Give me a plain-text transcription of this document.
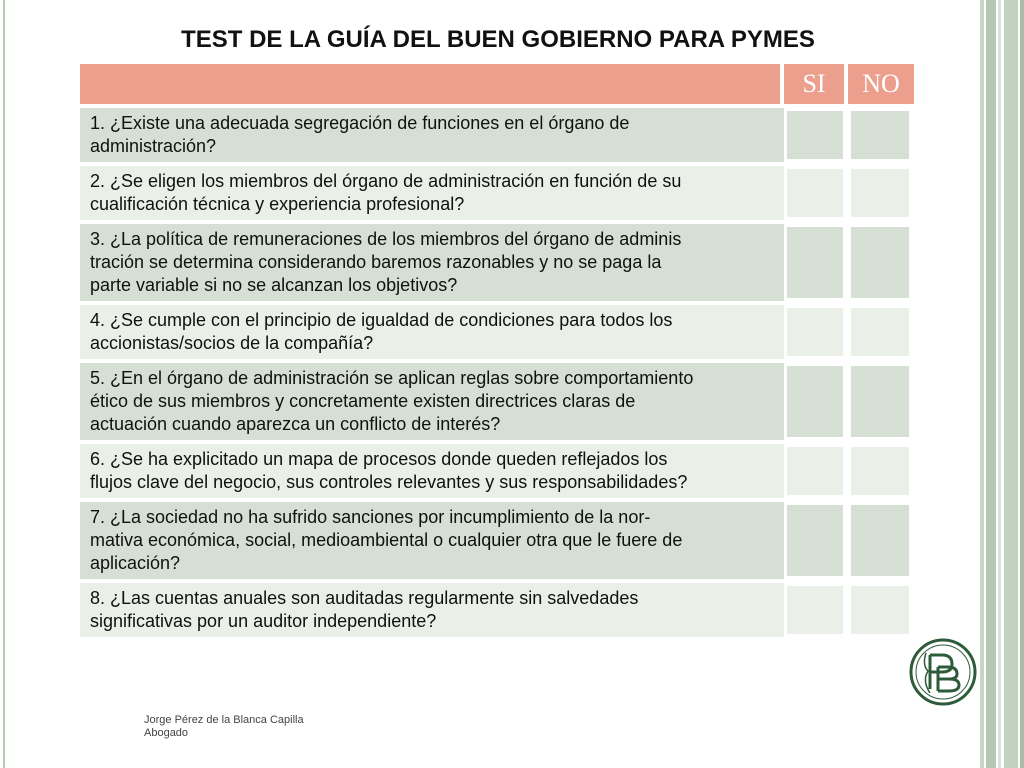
TEST DE LA GUÍA DEL BUEN GOBIERNO PARA PYMES
SI	NO
1. ¿Existe una adecuada segregación de funciones en el órgano de
administración?
2. ¿Se eligen los miembros del órgano de administración en función de su
cualificación técnica y experiencia profesional?
3. ¿La política de remuneraciones de los miembros del órgano de adminis
tración se determina considerando baremos razonables y no se paga la
parte variable si no se alcanzan los objetivos?
4. ¿Se cumple con el principio de igualdad de condiciones para todos los
accionistas/socios de la compañía?
5. ¿En el órgano de administración se aplican reglas sobre comportamiento
ético de sus miembros y concretamente existen directrices claras de
actuación cuando aparezca un conflicto de interés?
6. ¿Se ha explicitado un mapa de procesos donde queden reflejados los
flujos clave del negocio, sus controles relevantes y sus responsabilidades?
7. ¿La sociedad no ha sufrido sanciones por incumplimiento de la nor-
mativa económica, social, medioambiental o cualquier otra que le fuere de
aplicación?
8. ¿Las cuentas anuales son auditadas regularmente sin salvedades
significativas por un auditor independiente?
Jorge Pérez de la Blanca Capilla
Abogado
